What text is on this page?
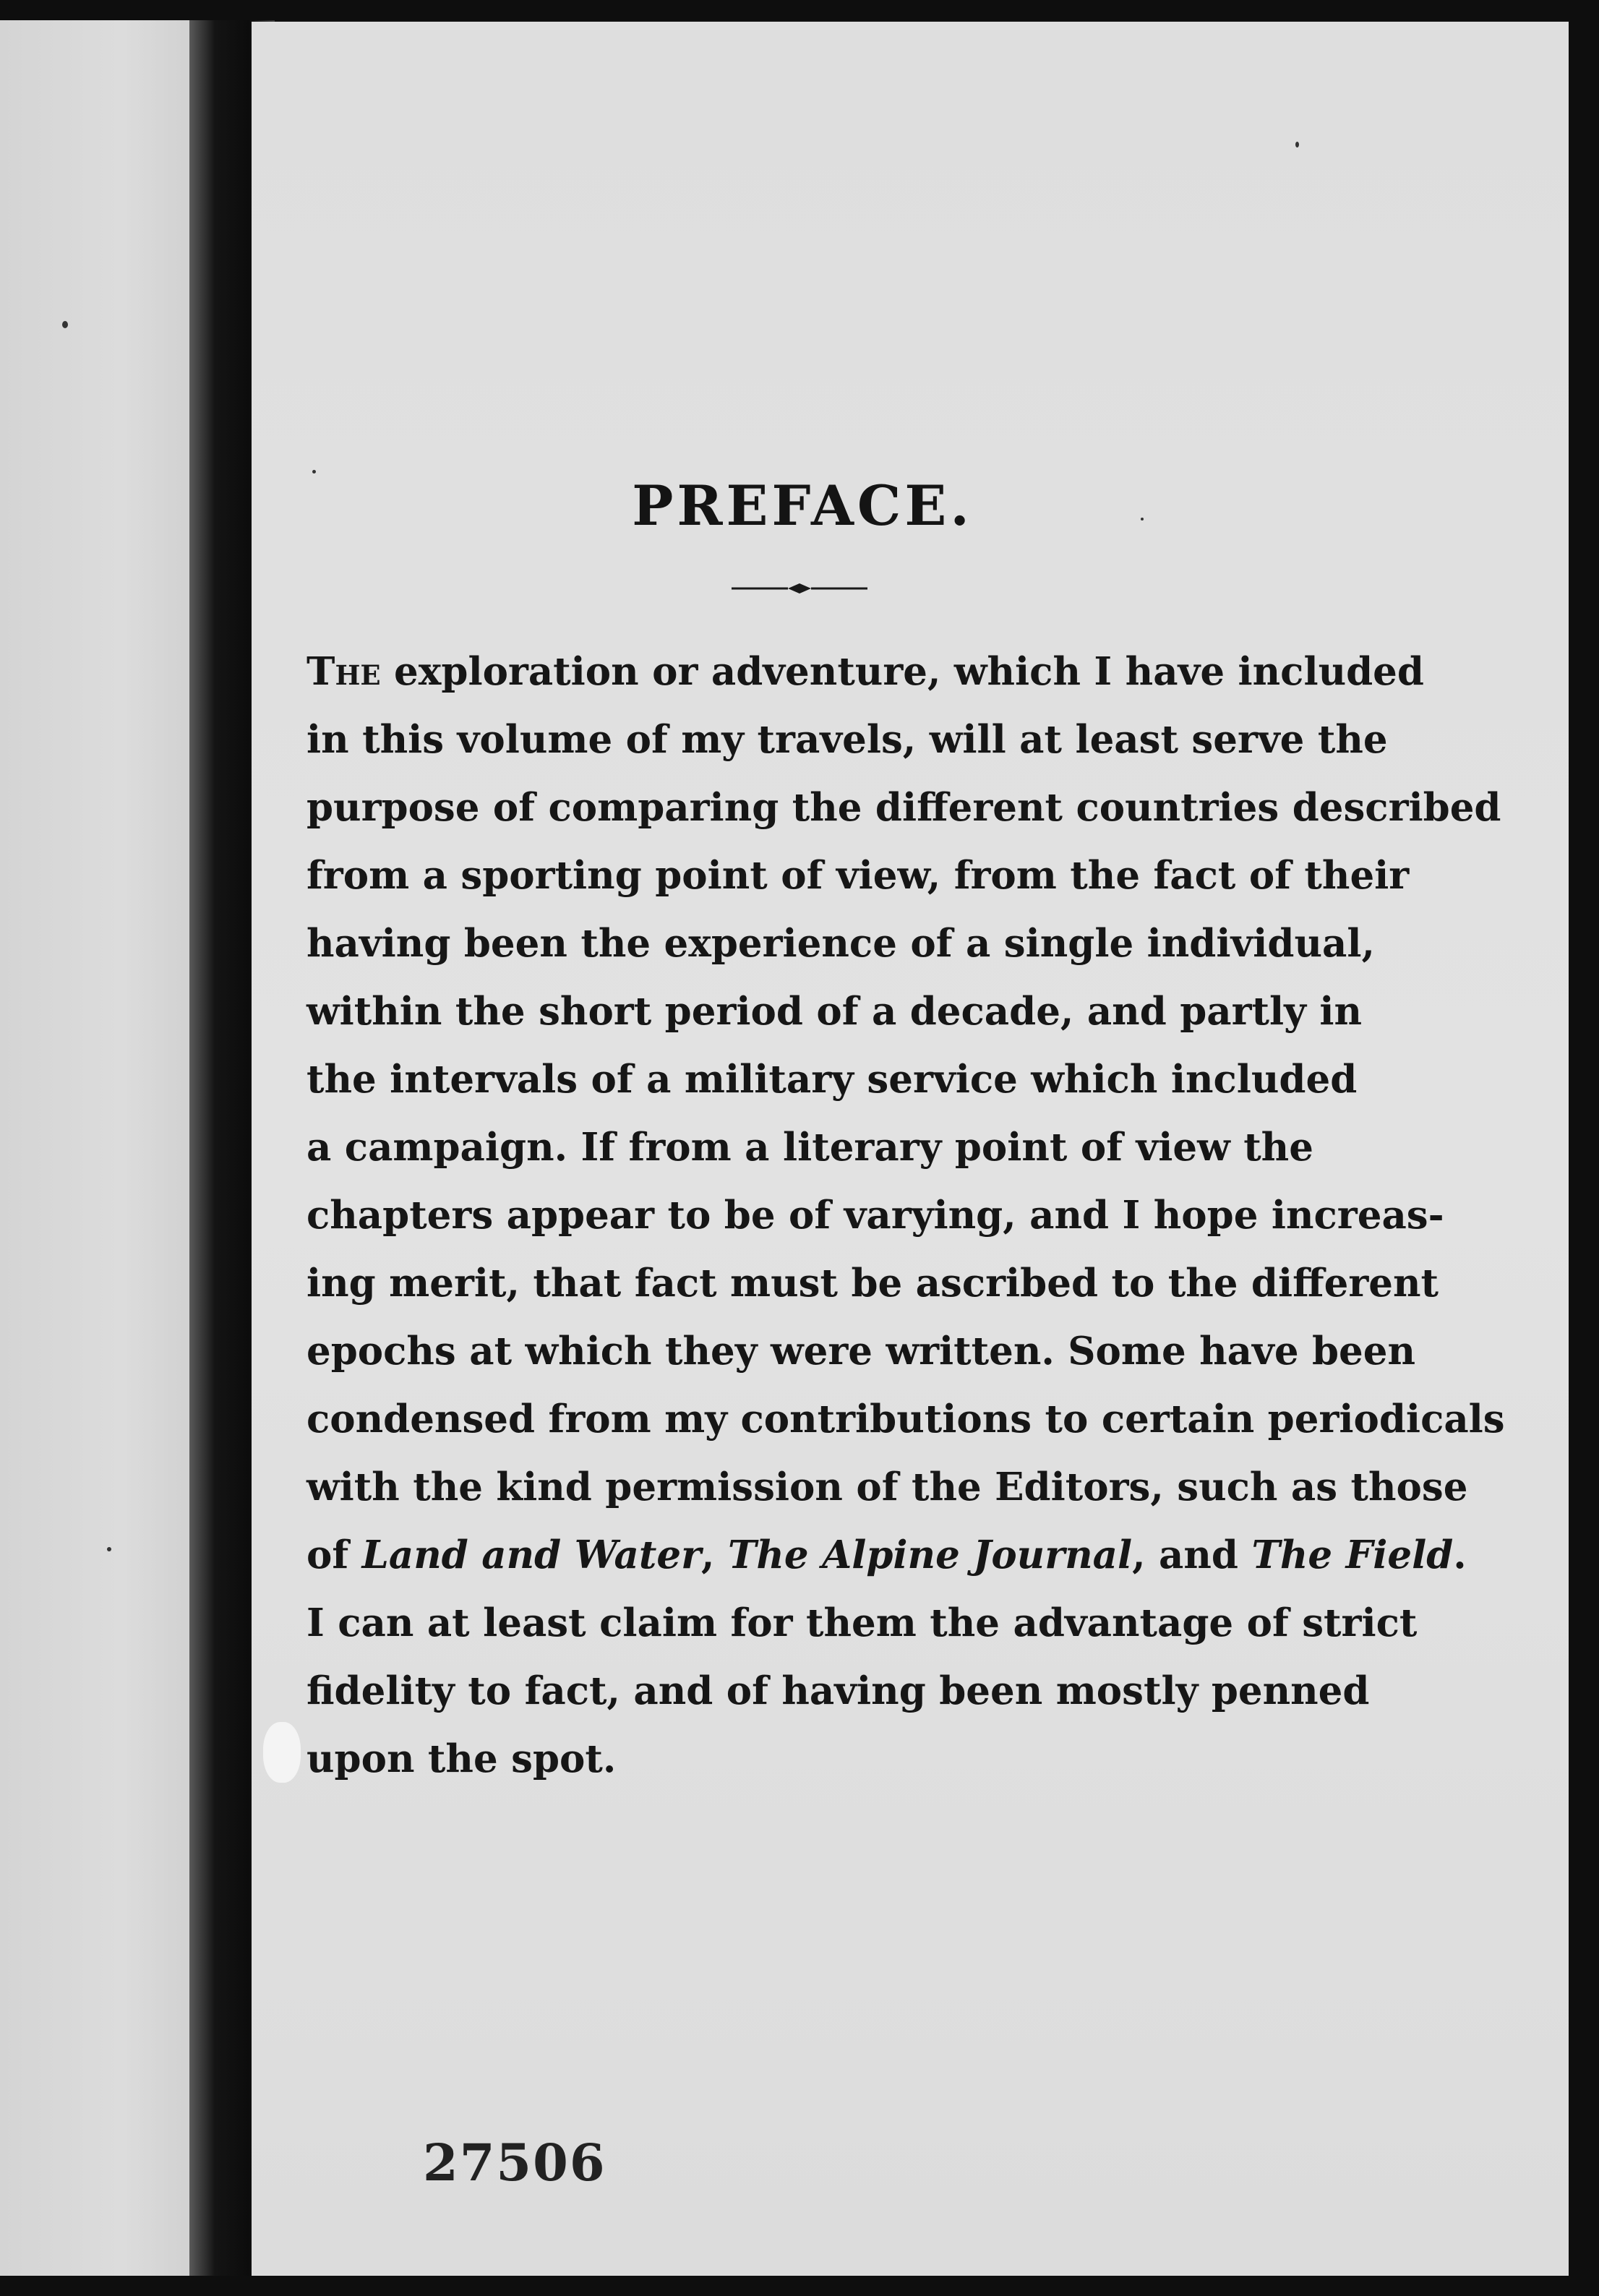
PREFACE.
The exploration or adventure, which I have included
in this volume of my travels, will at least serve the
purpose of comparing the different countries described
from a sporting point of view, from the fact of their
having been the experience of a single individual,
within the short period of a decade, and partly in
the intervals of a military service which included
a campaign. If from a literary point of view the
chapters appear to be of varying, and I hope increas-
ing merit, that fact must be ascribed to the different
epochs at which they were written. Some have been
condensed from my contributions to certain periodicals
with the kind permission of the Editors, such as those
of Land and Water, The Alpine Journal, and The Field.
I can at least claim for them the advantage of strict
fidelity to fact, and of having been mostly penned
upon the spot.
27506
